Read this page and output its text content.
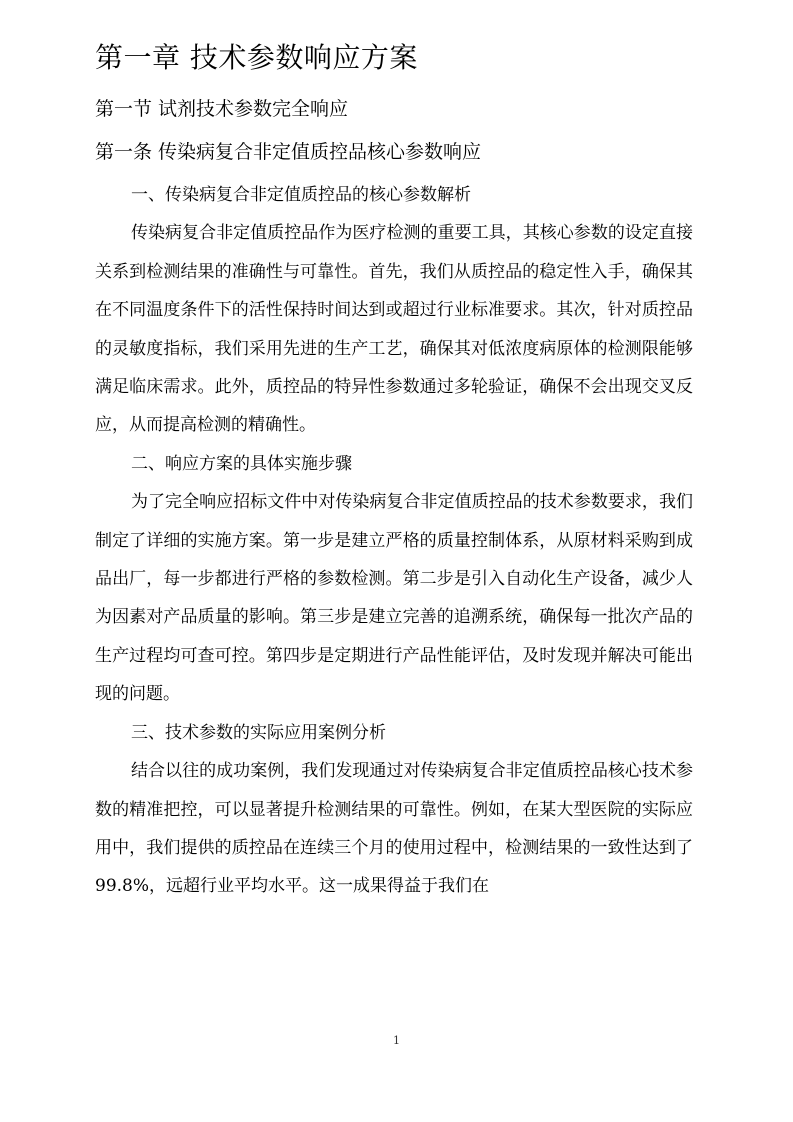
第一章 技术参数响应方案
第一节 试剂技术参数完全响应
第一条 传染病复合非定值质控品核心参数响应

一、传染病复合非定值质控品的核心参数解析

传染病复合非定值质控品作为医疗检测的重要工具，其核心参数的设定直接关系到检测结果的准确性与可靠性。首先，我们从质控品的稳定性入手，确保其在不同温度条件下的活性保持时间达到或超过行业标准要求。其次，针对质控品的灵敏度指标，我们采用先进的生产工艺，确保其对低浓度病原体的检测限能够满足临床需求。此外，质控品的特异性参数通过多轮验证，确保不会出现交叉反应，从而提高检测的精确性。

二、响应方案的具体实施步骤

为了完全响应招标文件中对传染病复合非定值质控品的技术参数要求，我们制定了详细的实施方案。第一步是建立严格的质量控制体系，从原材料采购到成品出厂，每一步都进行严格的参数检测。第二步是引入自动化生产设备，减少人为因素对产品质量的影响。第三步是建立完善的追溯系统，确保每一批次产品的生产过程均可查可控。第四步是定期进行产品性能评估，及时发现并解决可能出现的问题。

三、技术参数的实际应用案例分析

结合以往的成功案例，我们发现通过对传染病复合非定值质控品核心技术参数的精准把控，可以显著提升检测结果的可靠性。例如，在某大型医院的实际应用中，我们提供的质控品在连续三个月的使用过程中，检测结果的一致性达到了 99.8%，远超行业平均水平。这一成果得益于我们在

1
